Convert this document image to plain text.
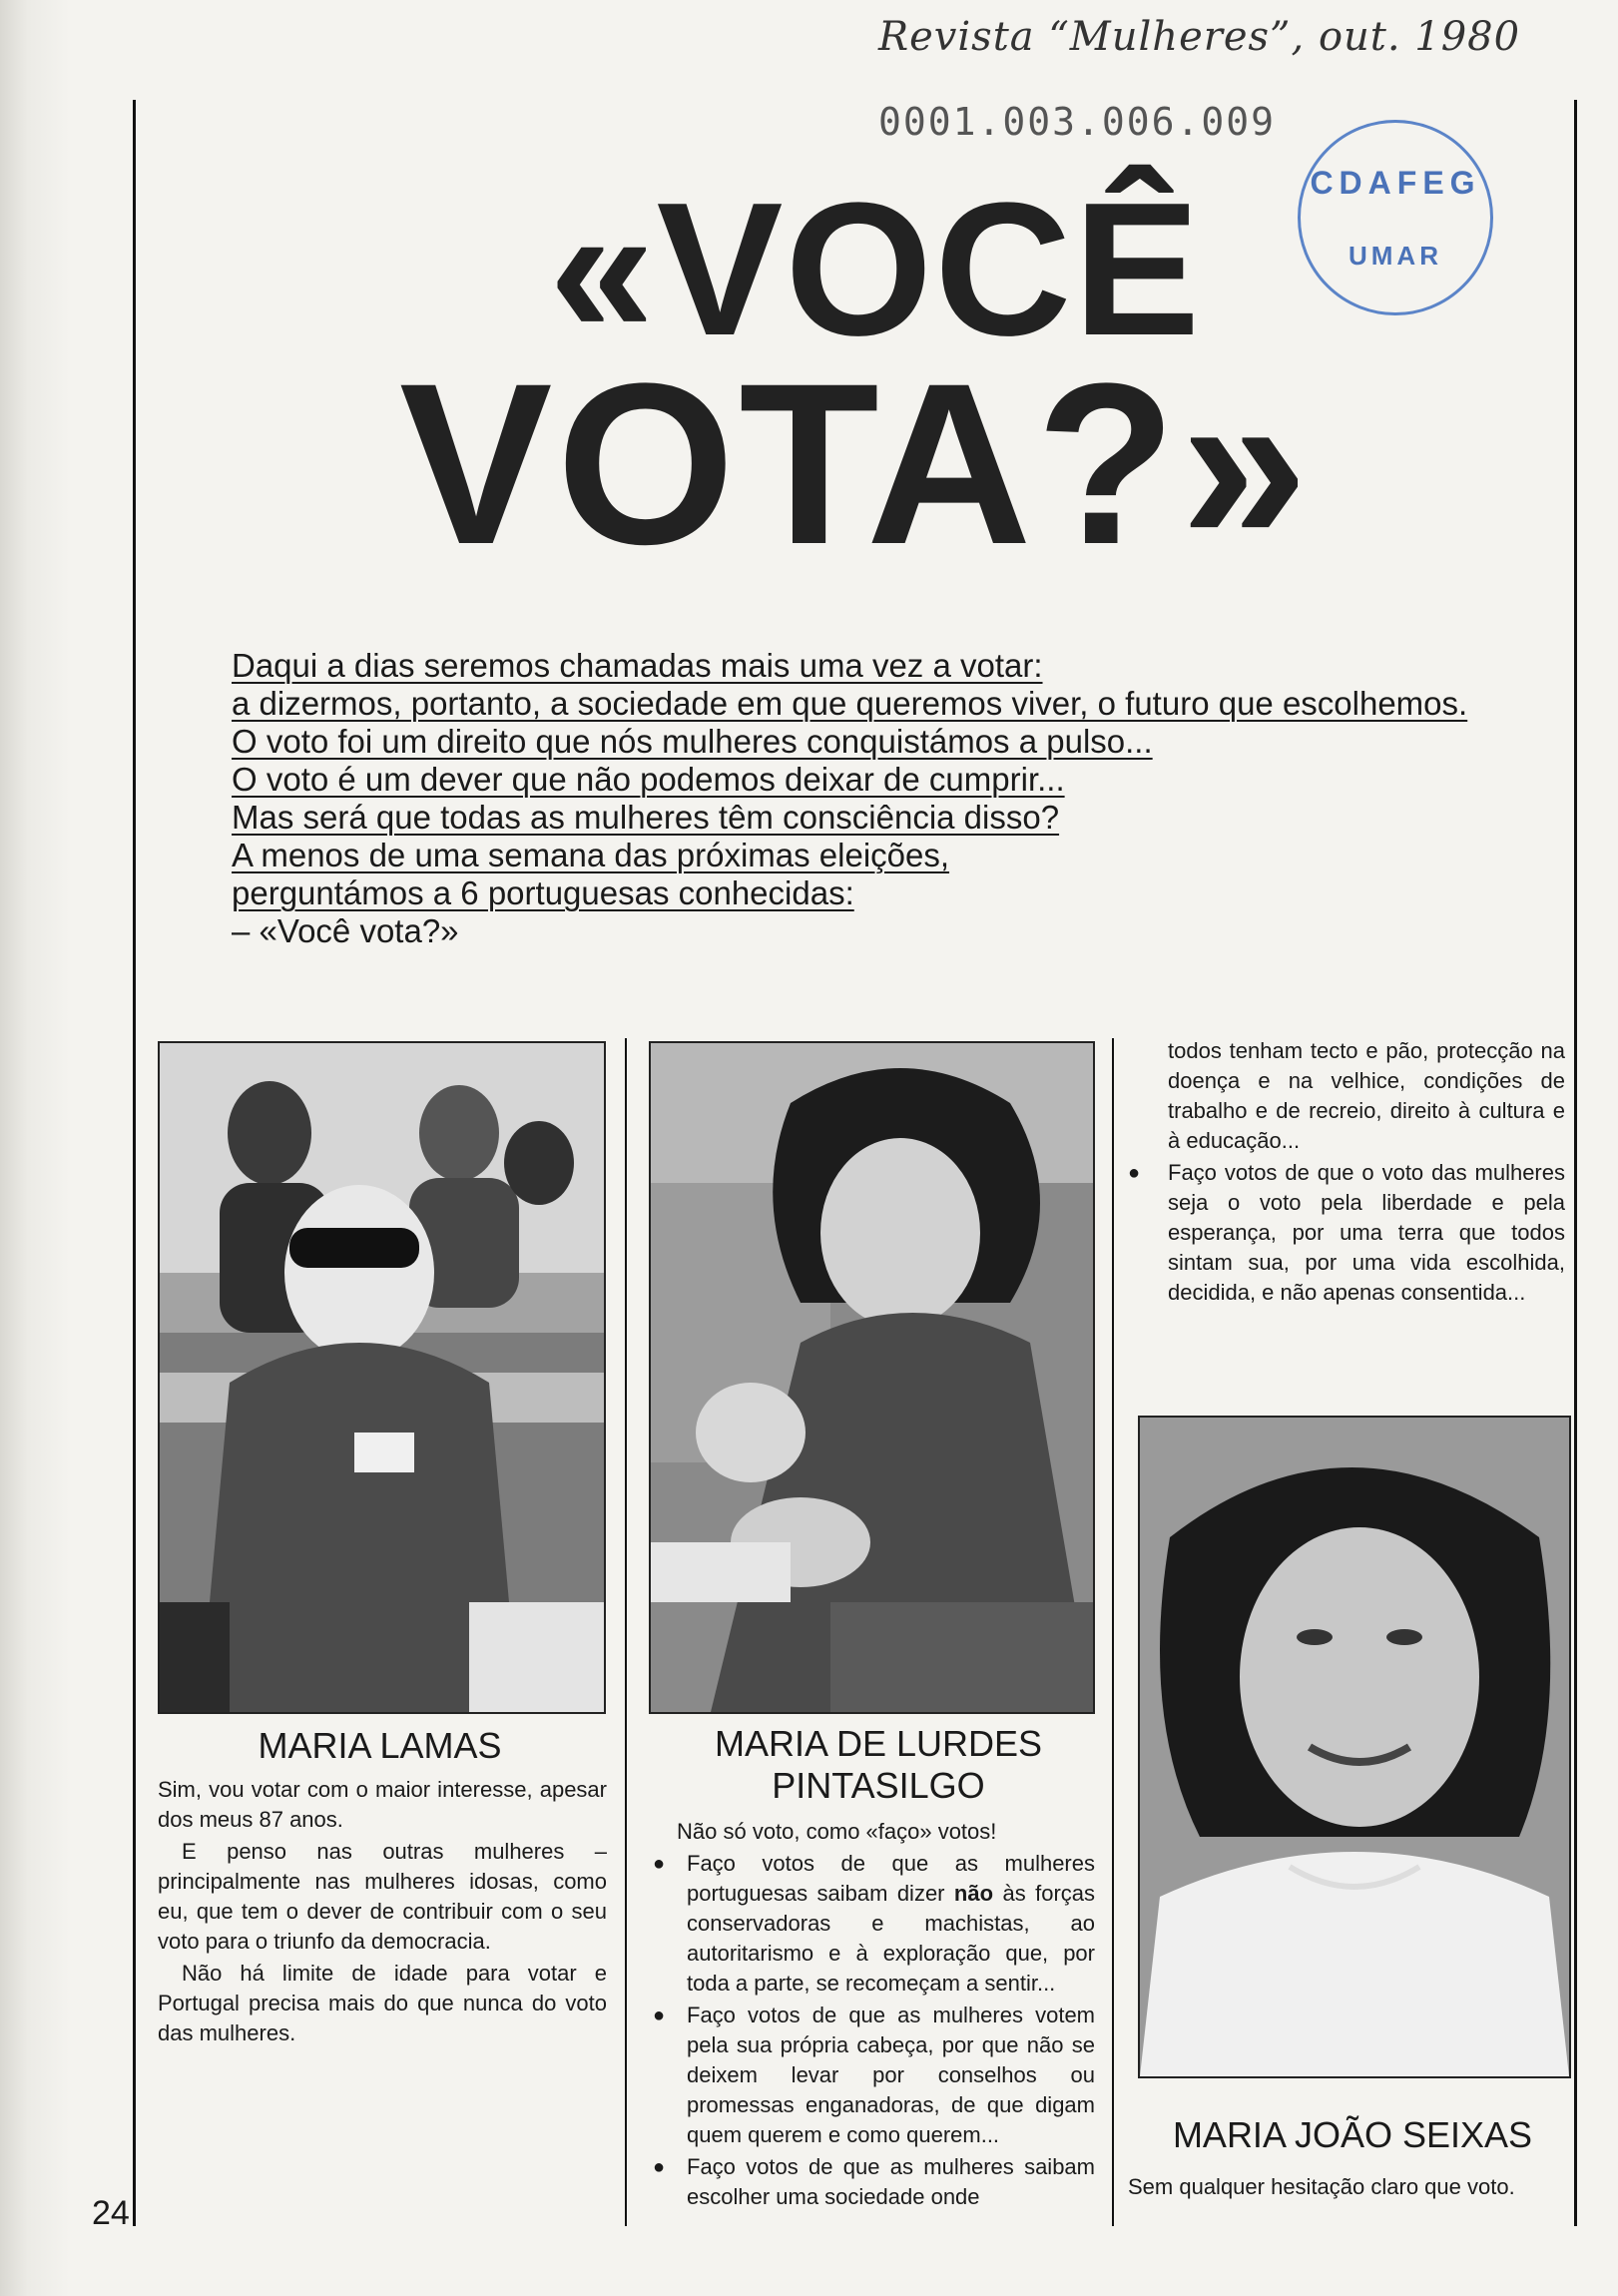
Revista “Mulheres”, out. 1980
0001.003.006.009
CDAFEG
UMAR
«VOCÊ
VOTA?»
Daqui a dias seremos chamadas mais uma vez a votar:
a dizermos, portanto, a sociedade em que queremos viver, o futuro que escolhemos.
O voto foi um direito que nós mulheres conquistámos a pulso...
O voto é um dever que não podemos deixar de cumprir...
Mas será que todas as mulheres têm consciência disso?
A menos de uma semana das próximas eleições,
perguntámos a 6 portuguesas conhecidas:
– «Você vota?»
MARIA LAMAS

Sim, vou votar com o maior interesse, apesar dos meus 87 anos.

E penso nas outras mulheres – principalmente nas mulheres idosas, como eu, que tem o dever de contribuir com o seu voto para o triunfo da democracia.

Não há limite de idade para votar e Portugal precisa mais do que nunca do voto das mulheres.

MARIA DE LURDES PINTASILGO

Não só voto, como «faço» votos!

● Faço votos de que as mulheres portuguesas saibam dizer não às forças conservadoras e machistas, ao autoritarismo e à exploração que, por toda a parte, se recomeçam a sentir...

● Faço votos de que as mulheres votem pela sua própria cabeça, por que não se deixem levar por conselhos ou promessas enganadoras, de que digam quem querem e como querem...

● Faço votos de que as mulheres saibam escolher uma sociedade onde

todos tenham tecto e pão, protecção na doença e na velhice, condições de trabalho e de recreio, direito à cultura e à educação...

● Faço votos de que o voto das mulheres seja o voto pela liberdade e pela esperança, por uma terra que todos sintam sua, por uma vida escolhida, decidida, e não apenas consentida...

MARIA JOÃO SEIXAS
Sem qualquer hesitação claro que voto.
24
